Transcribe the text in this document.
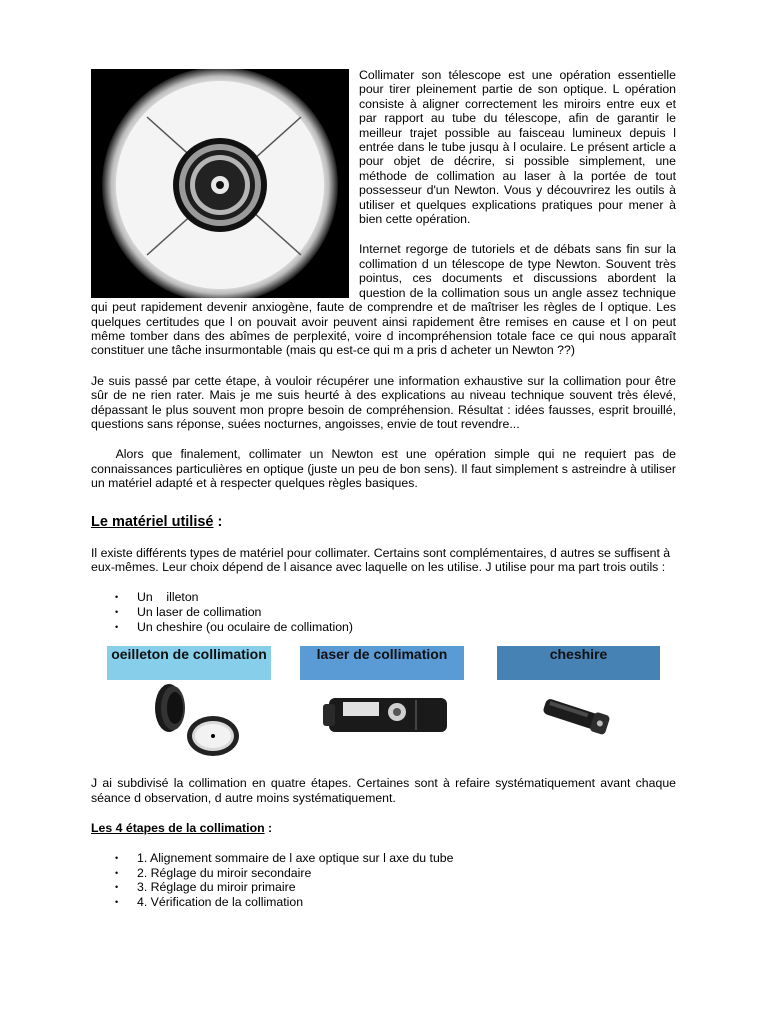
Collimater son télescope est une opération essentielle pour tirer pleinement partie de son optique. L opération consiste à aligner correctement les miroirs entre eux et par rapport au tube du télescope, afin de garantir le meilleur trajet possible au faisceau lumineux depuis l entrée dans le tube jusqu à l oculaire. Le présent article a pour objet de décrire, si possible simplement, une méthode de collimation au laser à la portée de tout possesseur d'un Newton. Vous y découvrirez les outils à utiliser et quelques explications pratiques pour mener à bien cette opération.

Internet regorge de tutoriels et de débats sans fin sur la collimation d un télescope de type Newton. Souvent très pointus, ces documents et discussions abordent la question de la collimation sous un angle assez technique qui peut rapidement devenir anxiogène, faute de comprendre et de maîtriser les règles de l optique. Les quelques certitudes que l on pouvait avoir peuvent ainsi rapidement être remises en cause et l on peut même tomber dans des abîmes de perplexité, voire d incompréhension totale face ce qui nous apparaît constituer une tâche insurmontable (mais qu est-ce qui m a pris d acheter un Newton ??)

Je suis passé par cette étape, à vouloir récupérer une information exhaustive sur la collimation pour être sûr de ne rien rater. Mais je me suis heurté à des explications au niveau technique souvent très élevé, dépassant le plus souvent mon propre besoin de compréhension. Résultat : idées fausses, esprit brouillé, questions sans réponse, suées nocturnes, angoisses, envie de tout revendre...

Alors que finalement, collimater un Newton est une opération simple qui ne requiert pas de connaissances particulières en optique (juste un peu de bon sens). Il faut simplement s astreindre à utiliser un matériel adapté et à respecter quelques règles basiques.

Le matériel utilisé :

Il existe différents types de matériel pour collimater. Certains sont complémentaires, d autres se suffisent à eux-mêmes. Leur choix dépend de l aisance avec laquelle on les utilise. J utilise pour ma part trois outils :

• Un    illeton
• Un laser de collimation
• Un cheshire (ou oculaire de collimation)
oeilleton de collimation	laser de collimation	cheshire

J ai subdivisé la collimation en quatre étapes. Certaines sont à refaire systématiquement avant chaque séance d observation, d autre moins systématiquement.

Les 4 étapes de la collimation :
• 1. Alignement sommaire de l axe optique sur l axe du tube
• 2. Réglage du miroir secondaire
• 3. Réglage du miroir primaire
• 4. Vérification de la collimation
